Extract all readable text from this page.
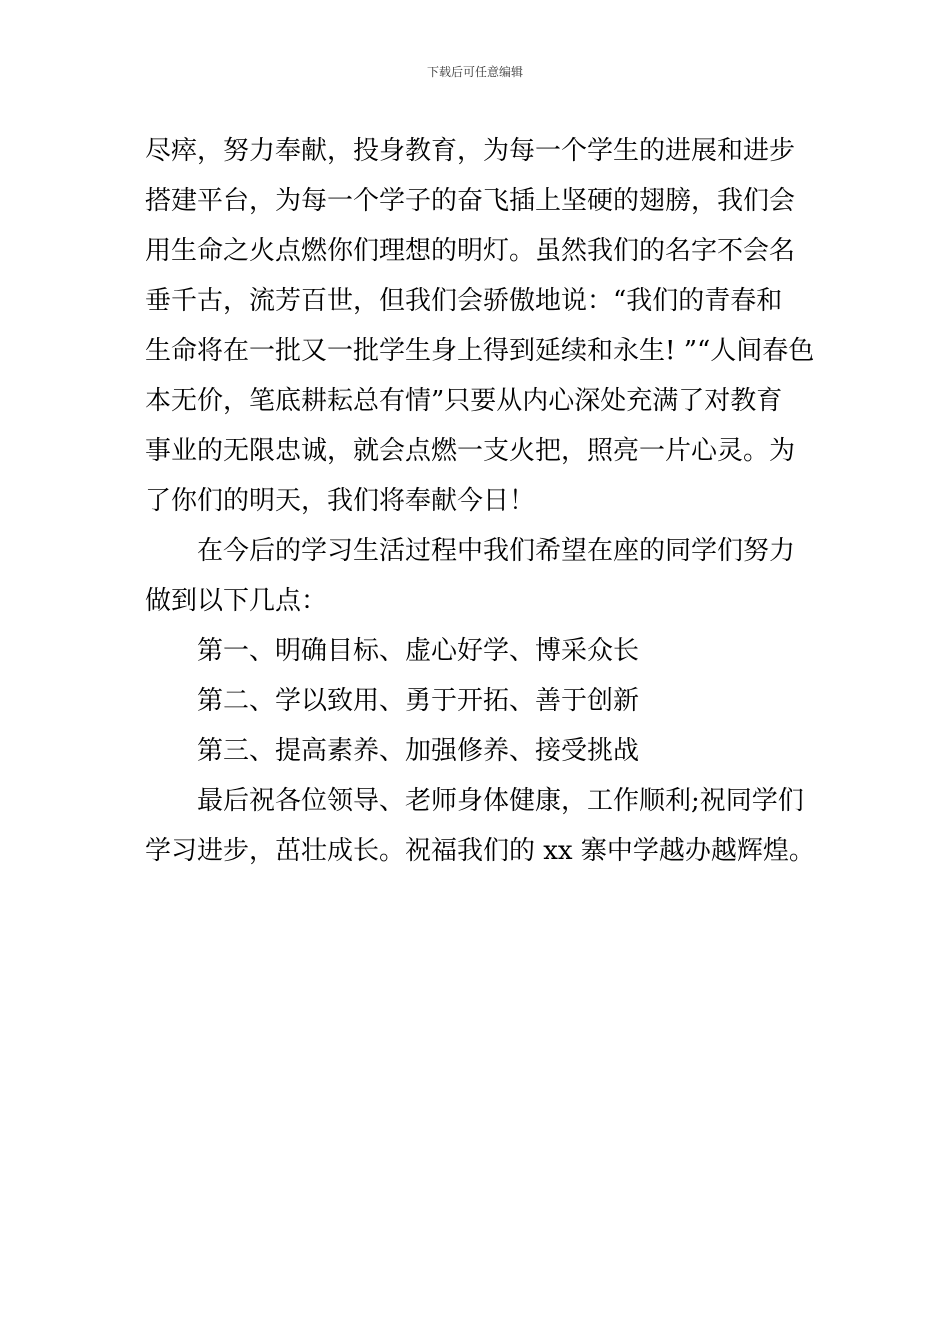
下载后可任意编辑
尽瘁，努力奉献，投身教育，为每一个学生的进展和进步
搭建平台，为每一个学子的奋飞插上坚硬的翅膀，我们会
用生命之火点燃你们理想的明灯。虽然我们的名字不会名
垂千古，流芳百世，但我们会骄傲地说：“我们的青春和
生命将在一批又一批学生身上得到延续和永生! ”“人间春色
本无价，笔底耕耘总有情”只要从内心深处充满了对教育
事业的无限忠诚，就会点燃一支火把，照亮一片心灵。为
了你们的明天，我们将奉献今日！
在今后的学习生活过程中我们希望在座的同学们努力
做到以下几点：
第一、明确目标、虚心好学、博采众长
第二、学以致用、勇于开拓、善于创新
第三、提高素养、加强修养、接受挑战
最后祝各位领导、老师身体健康，工作顺利;祝同学们
学习进步，茁壮成长。祝福我们的 xx 寨中学越办越辉煌。
